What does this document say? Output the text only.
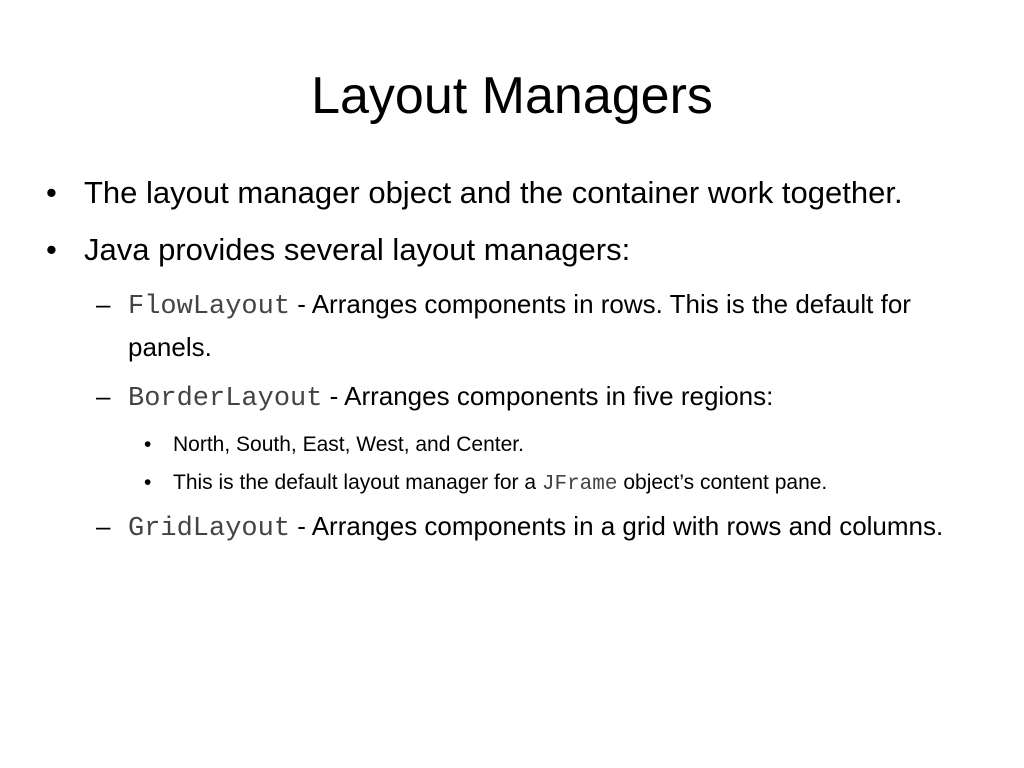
Layout Managers
• The layout manager object and the container work together.
• Java provides several layout managers:
– FlowLayout - Arranges components in rows. This is the default for panels.
– BorderLayout - Arranges components in five regions:
• North, South, East, West, and Center.
• This is the default layout manager for a JFrame object’s content pane.
– GridLayout - Arranges components in a grid with rows and columns.
